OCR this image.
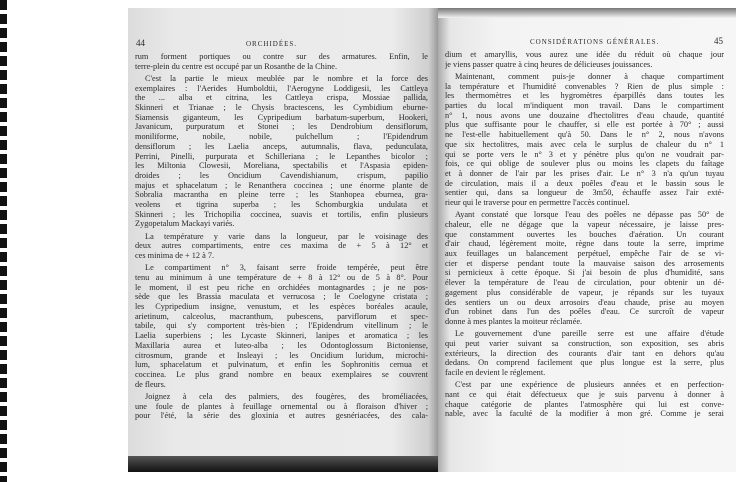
44	ORCHIDÉES.
rum forment portiques ou contre sur des armatures. Enfin, le
terre-plein du centre est occupé par un Rosanthe de la Chine.
C'est la partie le mieux meublée par le nombre et la force des
exemplaires : l'Aerides Humboldtii, l'Aerogyne Loddigesii, les Cattleya
the ... alba et citrina, les Cattleya crispa, Mossiae pallida,
Skinneri et Trianae ; le Chysis bractescens, les Cymbidium eburne-
Siamensis giganteum, les Cypripedium barbatum-superbum, Hookeri,
Javanicum, purpuratum et Stonei ; les Dendrobium densiflorum,
moniliforme, nobile, nobile, pulchellum ; l'Epidendrum
densiflorum ; les Laelia anceps, autumnalis, flava, pedunculata,
Perrini, Pinelli, purpurata et Schilleriana ; le Lepanthes bicolor ;
les Miltonia Clowesii, Moreliana, spectabilis et l'Aspasia epiden-
droides ; les Oncidium Cavendishianum, crispum, papilio
majus et sphacelatum ; le Renanthera coccinea ; une énorme plante de
Sobralia macrantha en pleine terre ; les Stanhopea eburnea, gra-
veolens et tigrina superba ; les Schomburgkia undulata et
Skinneri ; les Trichopilia coccinea, suavis et tortilis, enfin plusieurs
Zygopetalum Mackayi variés.
La température y varie dans la longueur, par le voisinage des
deux autres compartiments, entre ces maxima de + 5 à 12° et
ces minima de + 12 à 7.
Le compartiment n° 3, faisant serre froide tempérée, peut être
tenu au minimum à une température de + 8 à 12° ou de 5 à 8°. Pour
le moment, il est peu riche en orchidées montagnardes ; je ne pos-
sède que les Brassia maculata et verrucosa ; le Coelogyne cristata ;
les Cypripedium insigne, venustum, et les espèces boréales acaule,
arietinum, calceolus, macranthum, pubescens, parviflorum et spec-
tabile, qui s'y comportent très-bien ; l'Epidendrum vitellinum ; le
Laelia superbiens ; les Lycaste Skinneri, lanipes et aromatica ; les
Maxillaria aurea et luteo-alba ; les Odontoglossum Bictoniense,
citrosmum, grande et Insleayi ; les Oncidium luridum, microchi-
lum, sphacelatum et pulvinatum, et enfin les Sophronitis cernua et
coccinea. Le plus grand nombre en beaux exemplaires se couvrent
de fleurs.
Joignez à cela des palmiers, des fougères, des broméliacées,
une foule de plantes à feuillage ornemental ou à floraison d'hiver ;
pour l'été, la série des gloxinia et autres gesnériacées, des cala-
CONSIDÉRATIONS GÉNÉRALES.	45
dium et amaryllis, vous aurez une idée du réduit où chaque jour
je viens passer quatre à cinq heures de délicieuses jouissances.
Maintenant, comment puis-je donner à chaque compartiment
la température et l'humidité convenables ? Rien de plus simple :
les thermomètres et les hygromètres éparpillés dans toutes les
parties du local m'indiquent mon travail. Dans le compartiment
n° 1, nous avons une douzaine d'hectolitres d'eau chaude, quantité
plus que suffisante pour le chauffer, si elle est portée à 70° ; aussi
ne l'est-elle habituellement qu'à 50. Dans le n° 2, nous n'avons
que six hectolitres, mais avec cela le surplus de chaleur du n° 1
qui se porte vers le n° 3 et y pénètre plus qu'on ne voudrait par-
fois, ce qui oblige de soulever plus ou moins les clapets du faîtage
et à donner de l'air par les prises d'air. Le n° 3 n'a qu'un tuyau
de circulation, mais il a deux poêles d'eau et le bassin sous le
sentier qui, dans sa longueur de 3m50, échauffe assez l'air exté-
rieur qui le traverse pour en permettre l'accès continuel.
Ayant constaté que lorsque l'eau des poêles ne dépasse pas 50° de
chaleur, elle ne dégage que la vapeur nécessaire, je laisse pres-
que constamment ouvertes les bouches d'aération. Un courant
d'air chaud, légèrement moite, règne dans toute la serre, imprime
aux feuillages un balancement perpétuel, empêche l'air de se vi-
cier et disperse pendant toute la mauvaise saison des arrosements
si pernicieux à cette époque. Si j'ai besoin de plus d'humidité, sans
élever la température de l'eau de circulation, pour obtenir un dé-
gagement plus considérable de vapeur, je répands sur les tuyaux
des sentiers un ou deux arrosoirs d'eau chaude, prise au moyen
d'un robinet dans l'un des poêles d'eau. Ce surcroît de vapeur
donne à mes plantes la moiteur réclamée.
Le gouvernement d'une pareille serre est une affaire d'étude
qui peut varier suivant sa construction, son exposition, ses abris
extérieurs, la direction des courants d'air tant en dehors qu'au
dedans. On comprend facilement que plus longue est la serre, plus
facile en devient le réglement.
C'est par une expérience de plusieurs années et en perfection-
nant ce qui était défectueux que je suis parvenu à donner à
chaque catégorie de plantes l'atmosphère qui lui est conve-
nable, avec la faculté de la modifier à mon gré. Comme je serai
